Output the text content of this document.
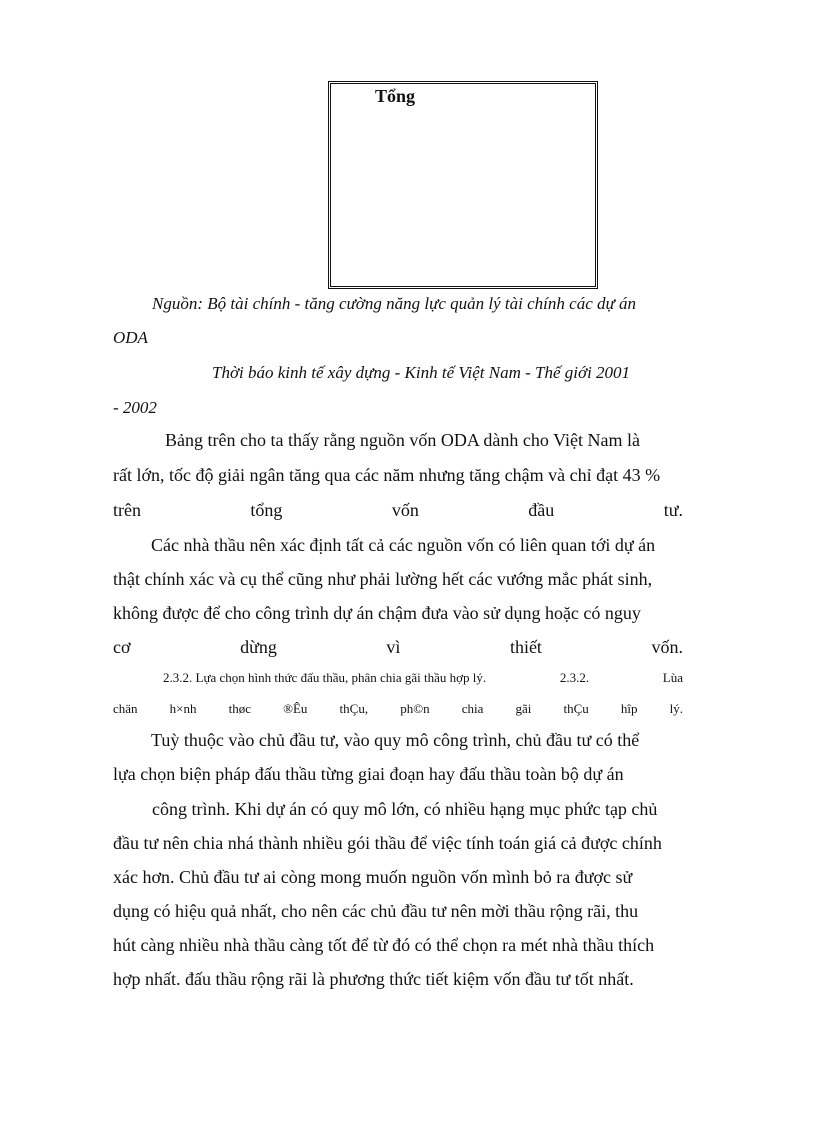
Tổng
Nguồn: Bộ tài chính - tăng cường năng lực quản lý tài chính các dự án
ODA
Thời báo kinh tế xây dựng - Kinh tế Việt Nam - Thế giới 2001
- 2002
Bảng trên cho ta thấy rằng nguồn vốn ODA dành cho Việt Nam là
rất lớn, tốc độ giải ngân tăng qua các năm nhưng tăng chậm và chỉ đạt 43 %
trên	tổng	vốn	đầu	tư.
Các nhà thầu nên xác định tất cả các nguồn vốn có liên quan tới dự án
thật chính xác và cụ thể cũng như phải lường hết các vướng mắc phát sinh,
không được để cho công trình dự án chậm đưa vào sử dụng hoặc có nguy
cơ	dừng	vì	thiết	vốn.
2.3.2. Lựa chọn hình thức đấu thầu, phân chia gãi thầu hợp lý.	2.3.2.	Lùa
chän h×nh thøc ®Êu thÇu, ph©n chia gãi thÇu hîp lý.
Tuỳ thuộc vào chủ đầu tư, vào quy mô công trình, chủ đầu tư có thể
lựa chọn biện pháp đấu thầu từng giai đoạn hay đấu thầu toàn bộ dự án
công trình. Khi dự án có quy mô lớn, có nhiều hạng mục phức tạp chủ
đầu tư nên chia nhá thành nhiều gói thầu để việc tính toán giá cả được chính
xác hơn. Chủ đầu tư ai còng mong muốn nguồn vốn mình bỏ ra được sử
dụng có hiệu quả nhất, cho nên các chủ đầu tư nên mời thầu rộng rãi, thu
hút càng nhiều nhà thầu càng tốt để từ đó có thể chọn ra mét nhà thầu thích
hợp nhất. đấu thầu rộng rãi là phương thức tiết kiệm vốn đầu tư tốt nhất.
